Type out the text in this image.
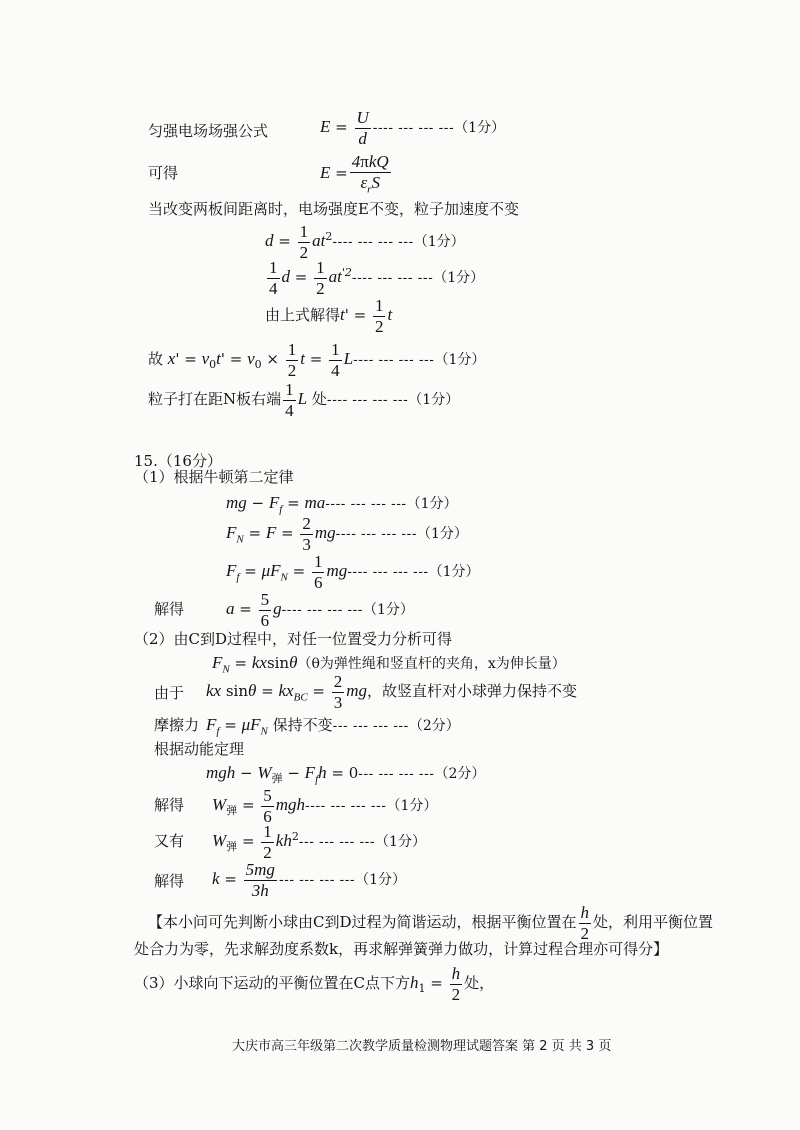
匀强电场场强公式	$E = \frac{U}{d}$ ---- --- --- ---（1分）
可得	E =
4πkQ
$\varepsilon_rS$
当改变两板间距离时，电场强度E不变，粒子加速度不变
$d = \frac{1}{2} at^2----$ --- --- ---（1分）
$\frac{1}{4}$ $d = \frac{1}{2} at^{'2}----$ --- --- ---（1分）
由上式解得$t' = \frac{1}{2}$ t
故 $x' = v_0t' = v_0 \times \frac{1}{2}$ $t = \frac{1}{4} L----$ --- --- ---（1分）
粒子打在距N板右端 $\frac{1}{4}$ L 处---- --- --- ---（1分）
15.（16分）
（1）根据牛顿第二定律
mg − $F_f = ma----$ --- --- ---（1分）
$F_N = F = \frac{2}{3} mg----$ --- --- ---（1分）
$F_f = \mu F_N = \frac{1}{6} mg----$ --- --- ---（1分）
解得 $a = \frac{5}{6} g----$ --- --- ---（1分）
（2）由C到D过程中，对任一位置受力分析可得
$F_N = kxsin\theta(\theta$为弹性绳和竖直杆的夹角，x为伸长量）
由于 kx $\sin\theta = kx_{BC} = \frac{2}{3}$ mg，故竖直杆对小球弹力保持不变
摩擦力 $F_f = \mu F_N$ 保持不变--- --- --- ---（2分）
根据动能定理
mgh − $W_弹 - F_fh = 0---$ --- --- ---（2分）
解得 $W_弹 = \frac{5}{6} mgh----$ --- --- ---（1分）
又有 $W_弹 = \frac{1}{2} kh^2---$ --- --- ---（1分）
解得 $k = \frac{5mg}{3h}$ --- --- --- ---（1分）
【本小问可先判断小球由C到D过程为简谐运动，根据平衡位置在 $\frac{h}{2}$ 处，利用平衡位置
处合力为零，先求解劲度系数k，再求解弹簧弹力做功，计算过程合理亦可得分】
（3）小球向下运动的平衡位置在C点下方$h_1 = \frac{h}{2}$ 处，
大庆市高三年级第二次教学质量检测物理试题答案 第 2 页 共 3 页
